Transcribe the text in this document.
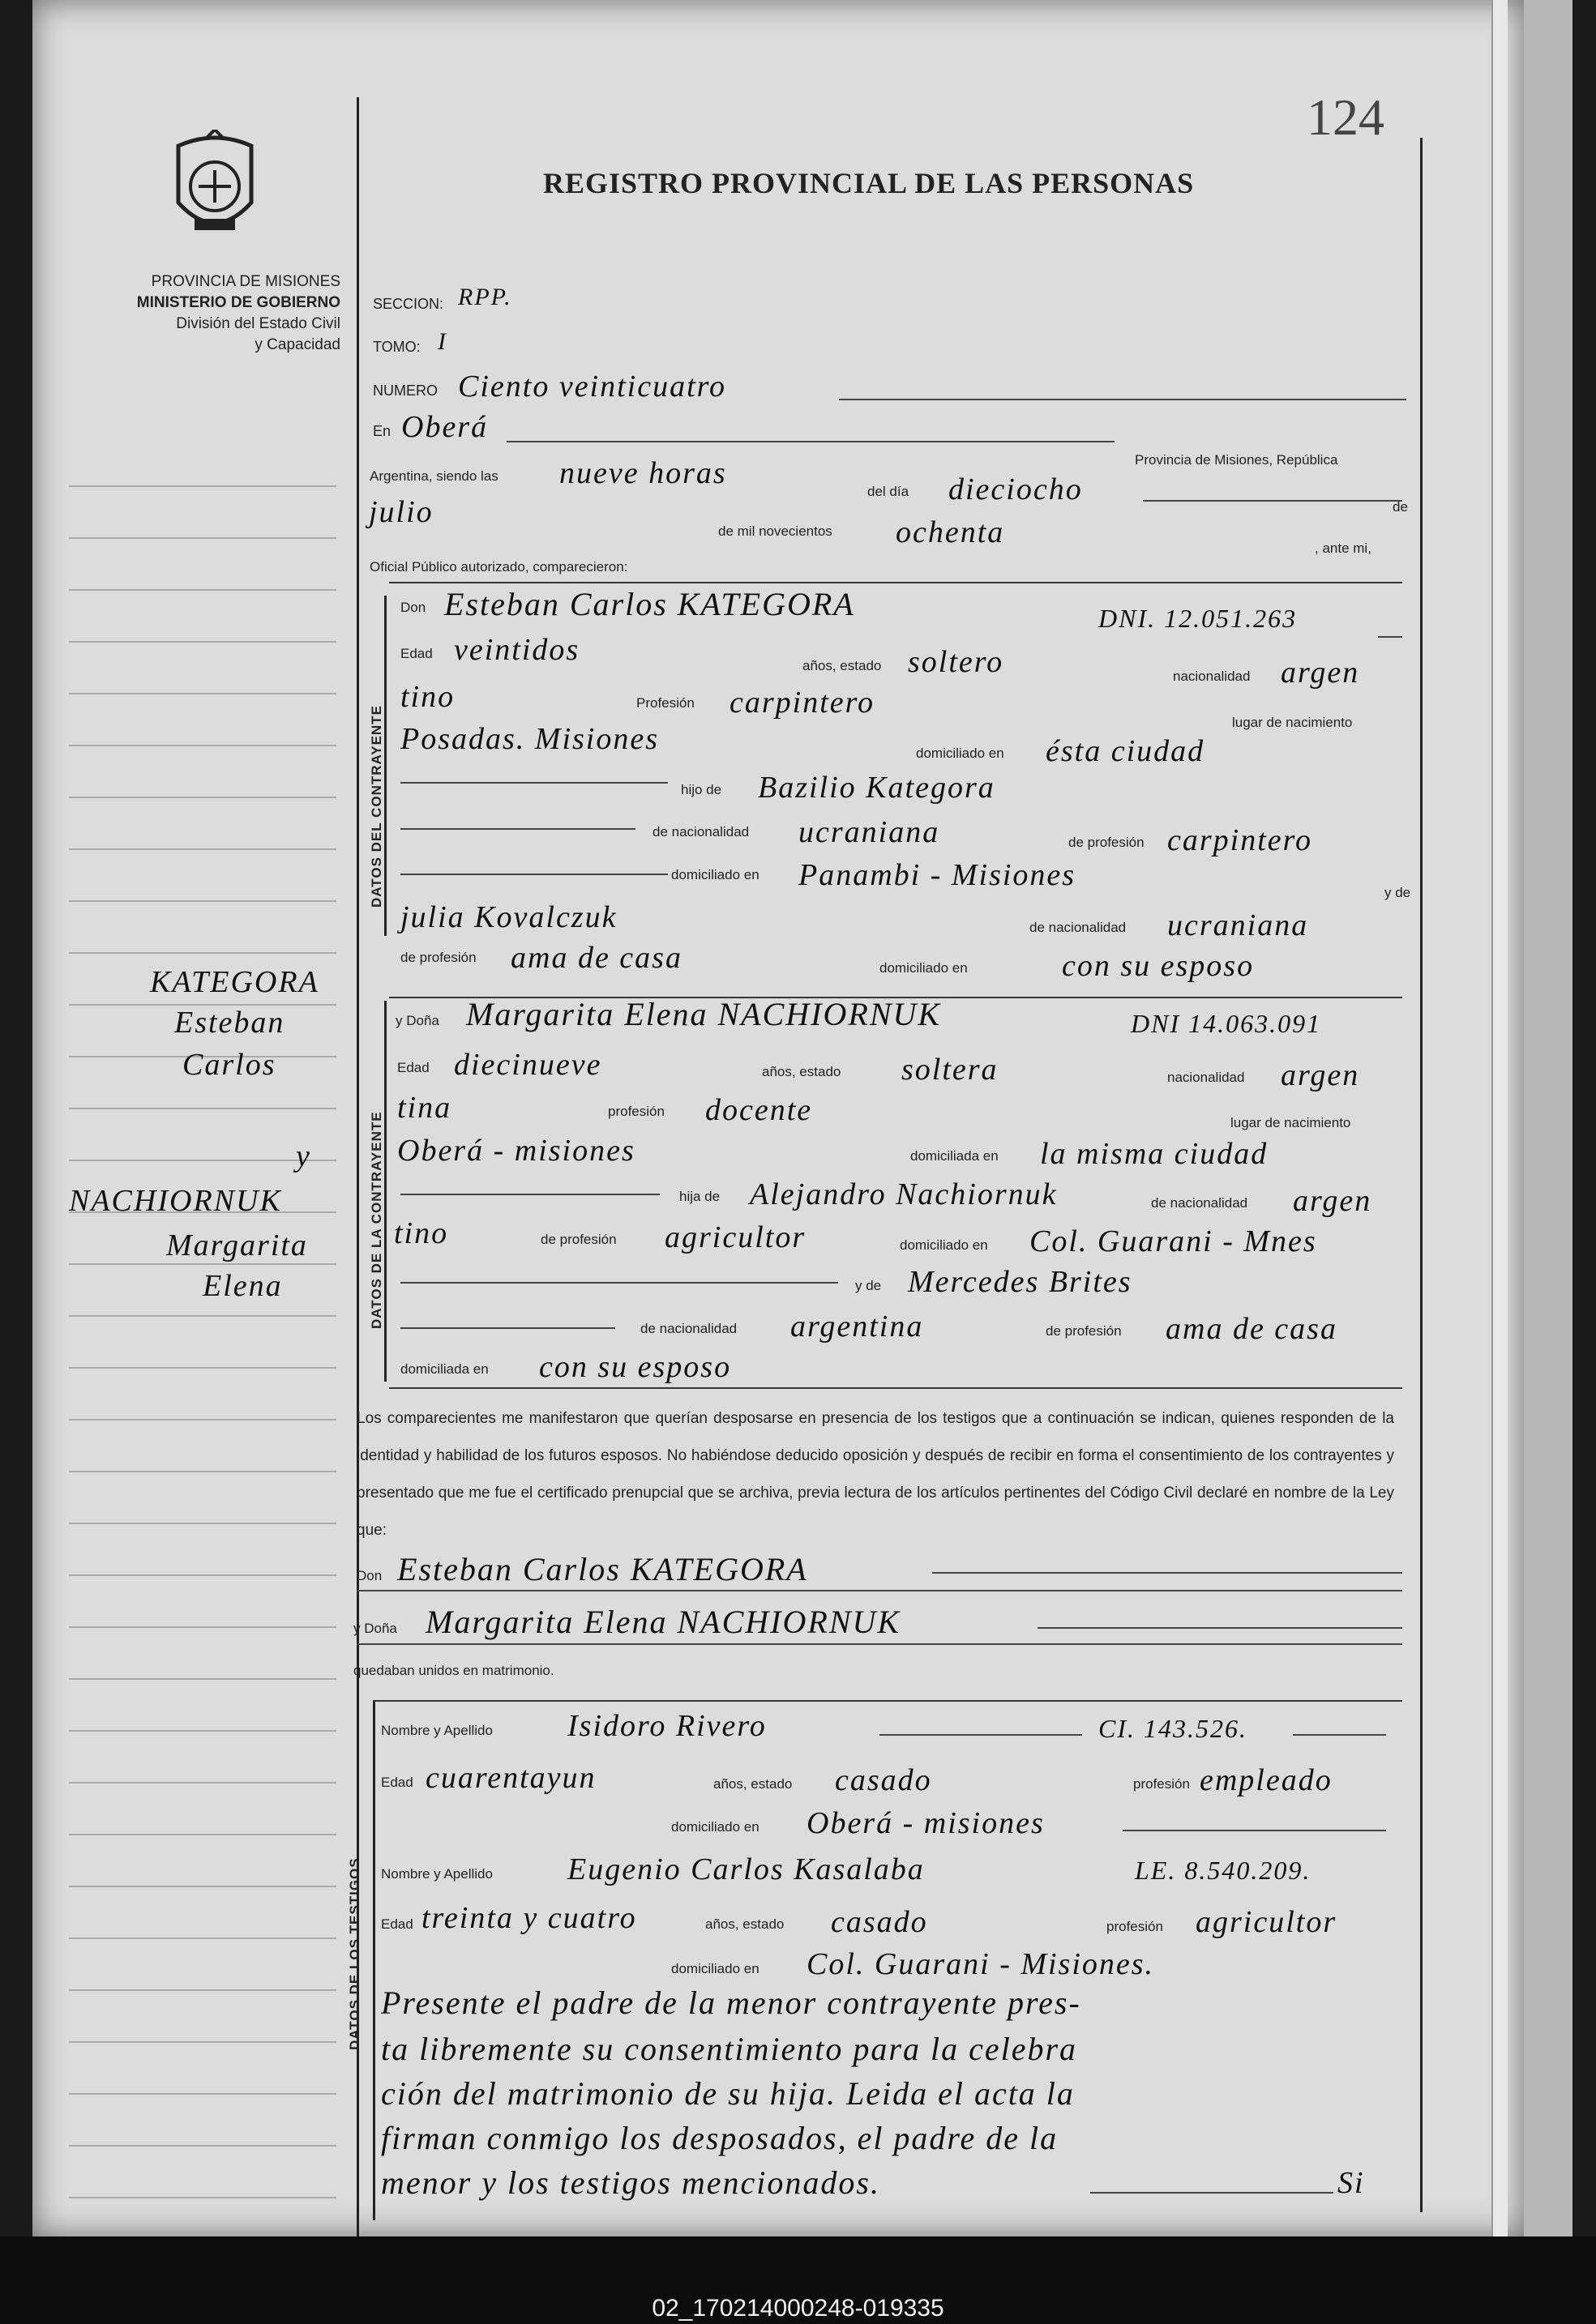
PROVINCIA DE MISIONES
MINISTERIO DE GOBIERNO
División del Estado Civil
y Capacidad
REGISTRO PROVINCIAL DE LAS PERSONAS
124
DATOS DEL CONTRAYENTE
DATOS DE LA CONTRAYENTE
DATOS DE LOS TESTIGOS
SECCION: RPP.
TOMO: I
NUMERO Ciento veinticuatro
En Oberá
Provincia de Misiones, República
Argentina, siendo las nueve horas
del día dieciocho
de
julio
de mil novecientos ochenta	, ante mi,
Oficial Público autorizado, comparecieron:
Don Esteban Carlos KATEGORA	DNI. 12.051.263
Edad veintidos	años, estado soltero	nacionalidad argen
tino	Profesión carpintero
lugar de nacimiento
Posadas. Misiones	domiciliado en ésta ciudad
hijo de Bazilio Kategora
de nacionalidad ucraniana	de profesión carpintero
domiciliado en Panambi - Misiones
y de
julia Kovalczuk	de nacionalidad ucraniana
de profesión ama de casa	domiciliado en	con su esposo
y Doña Margarita Elena NACHIORNUK	DNI 14.063.091
Edad diecinueve	años, estado soltera	nacionalidad argen
tina	profesión docente	lugar de nacimiento
Oberá - misiones	domiciliada en la misma ciudad
hija de Alejandro Nachiornuk	de nacionalidad argen
tino	de profesión agricultor	domiciliado en Col. Guarani - Mnes
y de Mercedes Brites
de nacionalidad argentina	de profesión ama de casa
domiciliada en con su esposo
KATEGORA
Esteban
Carlos
y
NACHIORNUK
Margarita
Elena
Los comparecientes me manifestaron que querían desposarse en presencia de los testigos que a continuación se indican, quienes responden de la identidad y habilidad de los futuros esposos. No habiéndose deducido oposición y después de recibir en forma el consentimiento de los contrayentes y presentado que me fue el certificado prenupcial que se archiva, previa lectura de los artículos pertinentes del Código Civil declaré en nombre de la Ley que:
Don Esteban Carlos KATEGORA
y Doña Margarita Elena NACHIORNUK
quedaban unidos en matrimonio.
Nombre y Apellido Isidoro Rivero	CI. 143.526.
Edad cuarentayun	años, estado casado	profesión empleado
domiciliado en Oberá - misiones
Nombre y Apellido Eugenio Carlos Kasalaba	LE. 8.540.209.
Edad treinta y cuatro	años, estado casado	profesión agricultor
domiciliado en Col. Guarani - Misiones.
Presente el padre de la menor contrayente pres-
ta libremente su consentimiento para la celebra
ción del matrimonio de su hija. Leida el acta la
firman conmigo los desposados, el padre de la
menor y los testigos mencionados.	Si
02_170214000248-019335
